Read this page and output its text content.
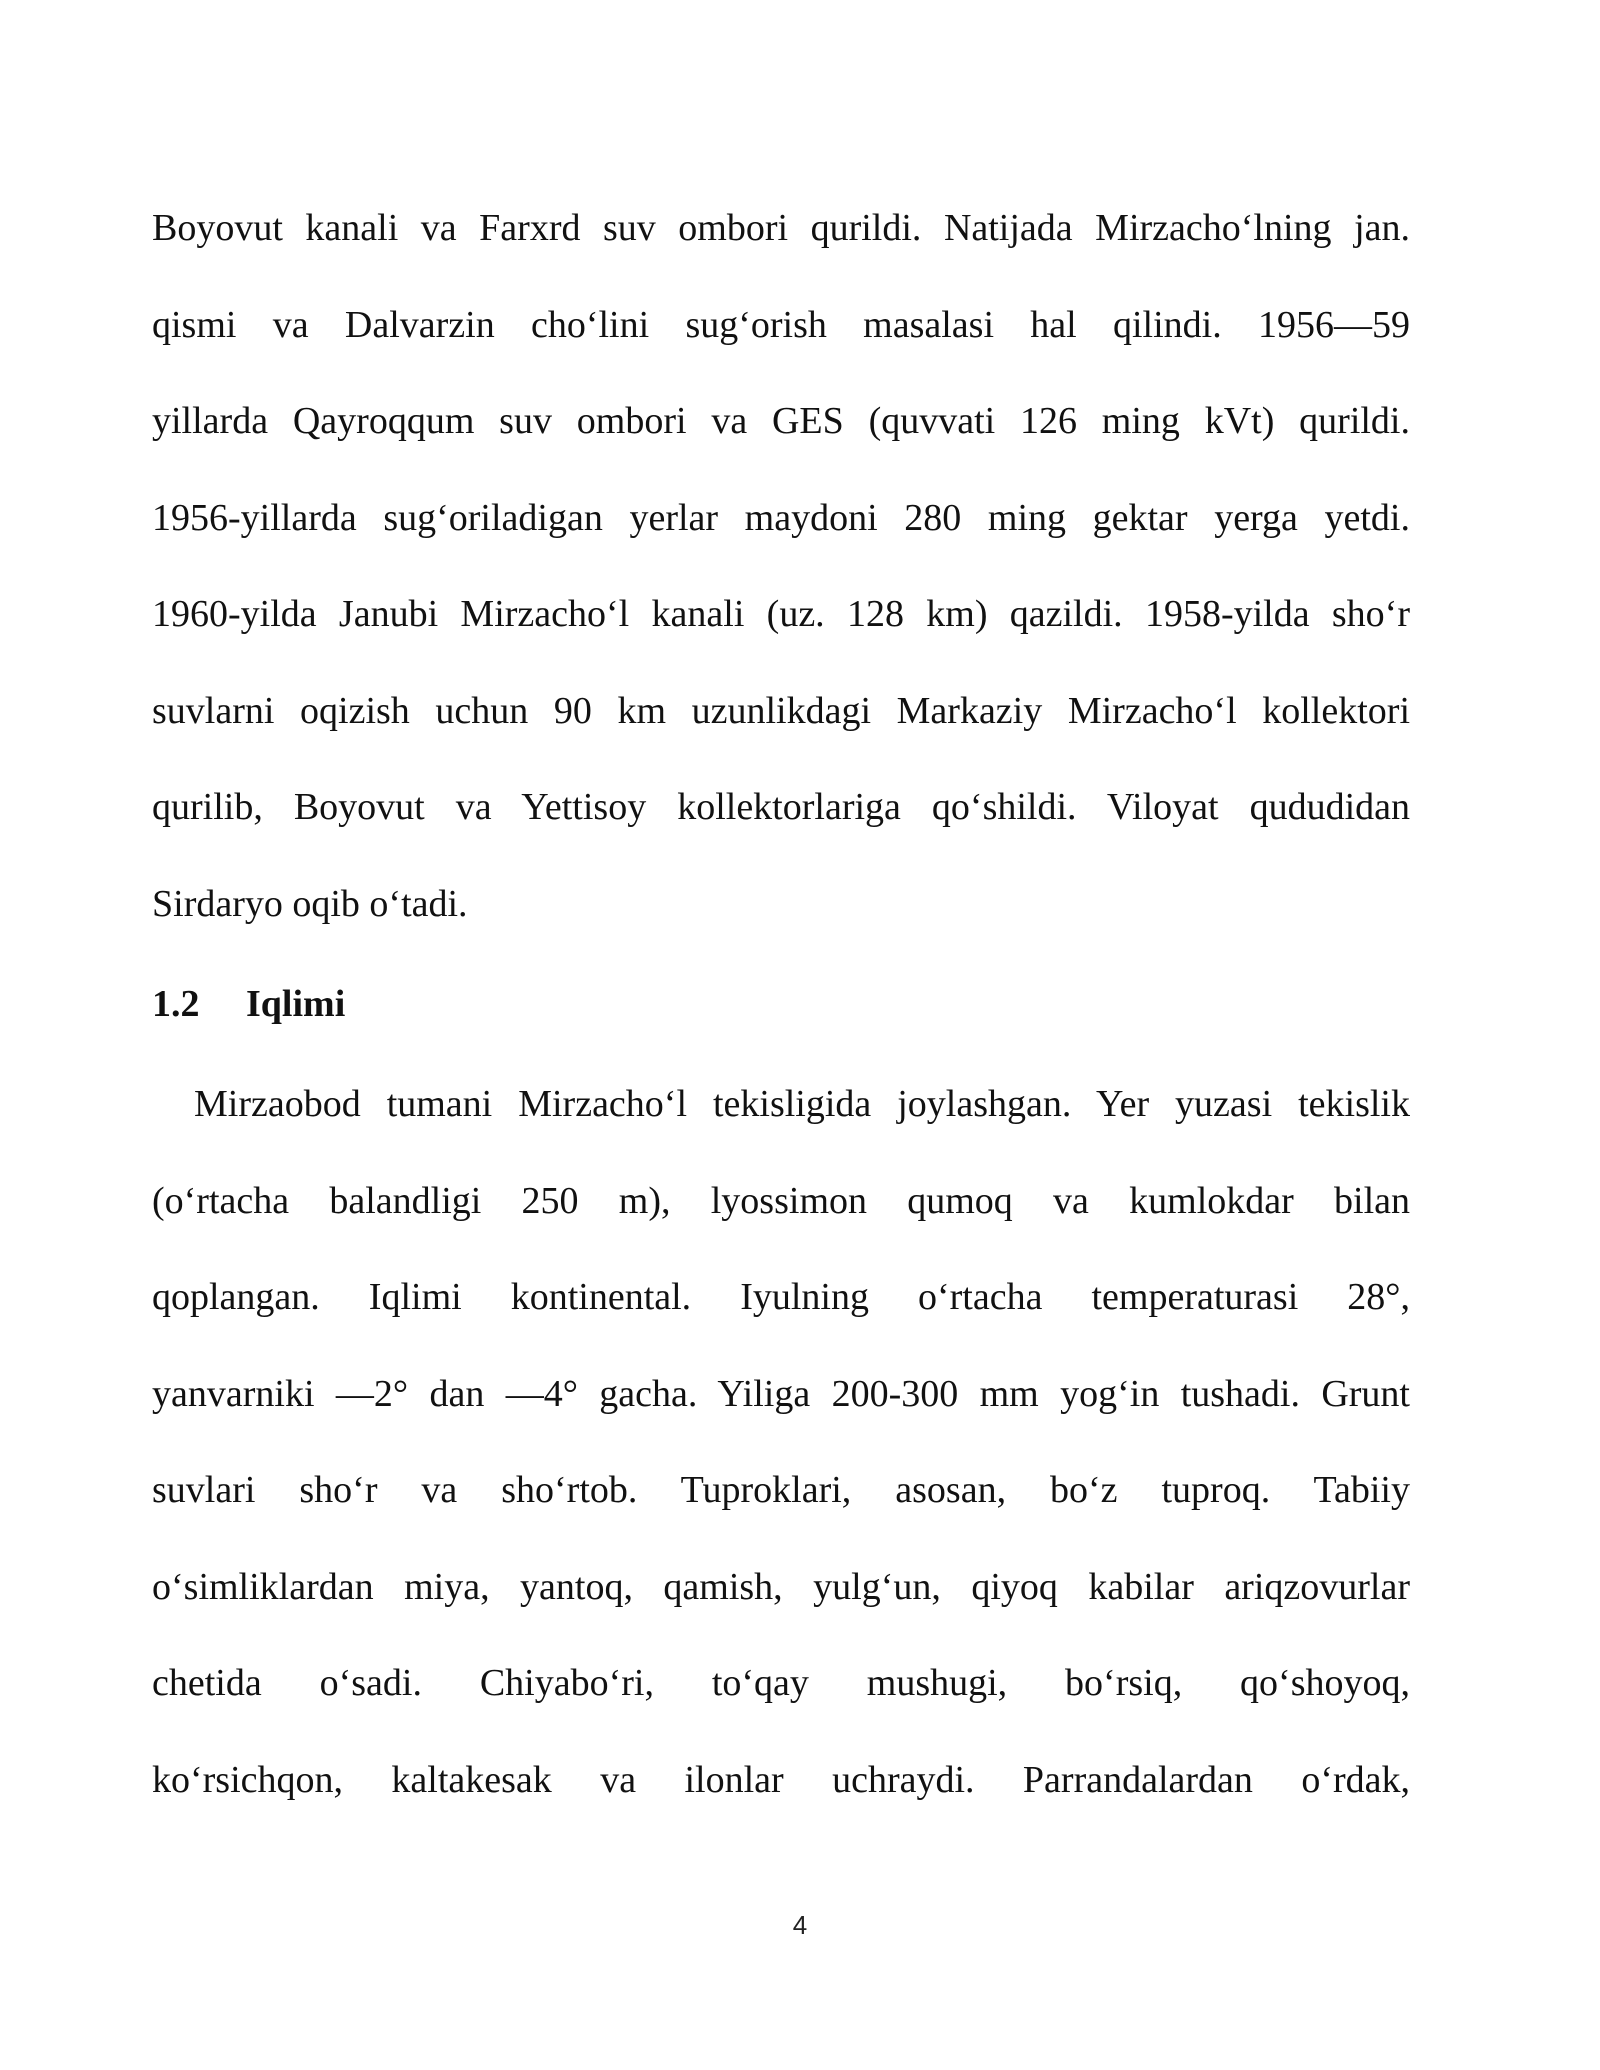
Boyovut kanali va Farxrd suv ombori qurildi. Natijada Mirzacho‘lning jan.
qismi va Dalvarzin cho‘lini sug‘orish masalasi hal qilindi. 1956—59
yillarda Qayroqqum suv ombori va GES (quvvati 126 ming kVt) qurildi.
1956-yillarda sug‘oriladigan yerlar maydoni 280 ming gektar yerga yetdi.
1960-yilda Janubi Mirzacho‘l kanali (uz. 128 km) qazildi. 1958-yilda sho‘r
suvlarni oqizish uchun 90 km uzunlikdagi Markaziy Mirzacho‘l kollektori
qurilib, Boyovut va Yettisoy kollektorlariga qo‘shildi. Viloyat qududidan
Sirdaryo oqib o‘tadi.
1.2	Iqlimi
Mirzaobod tumani Mirzacho‘l tekisligida joylashgan. Yer yuzasi tekislik
(o‘rtacha balandligi 250 m), lyossimon qumoq va kumlokdar bilan
qoplangan. Iqlimi kontinental. Iyulning o‘rtacha temperaturasi 28°,
yanvarniki —2° dan —4° gacha. Yiliga 200-300 mm yog‘in tushadi. Grunt
suvlari sho‘r va sho‘rtob. Tuproklari, asosan, bo‘z tuproq. Tabiiy
o‘simliklardan miya, yantoq, qamish, yulg‘un, qiyoq kabilar ariqzovurlar
chetida o‘sadi. Chiyabo‘ri, to‘qay mushugi, bo‘rsiq, qo‘shoyoq,
ko‘rsichqon, kaltakesak va ilonlar uchraydi. Parrandalardan o‘rdak,
4
